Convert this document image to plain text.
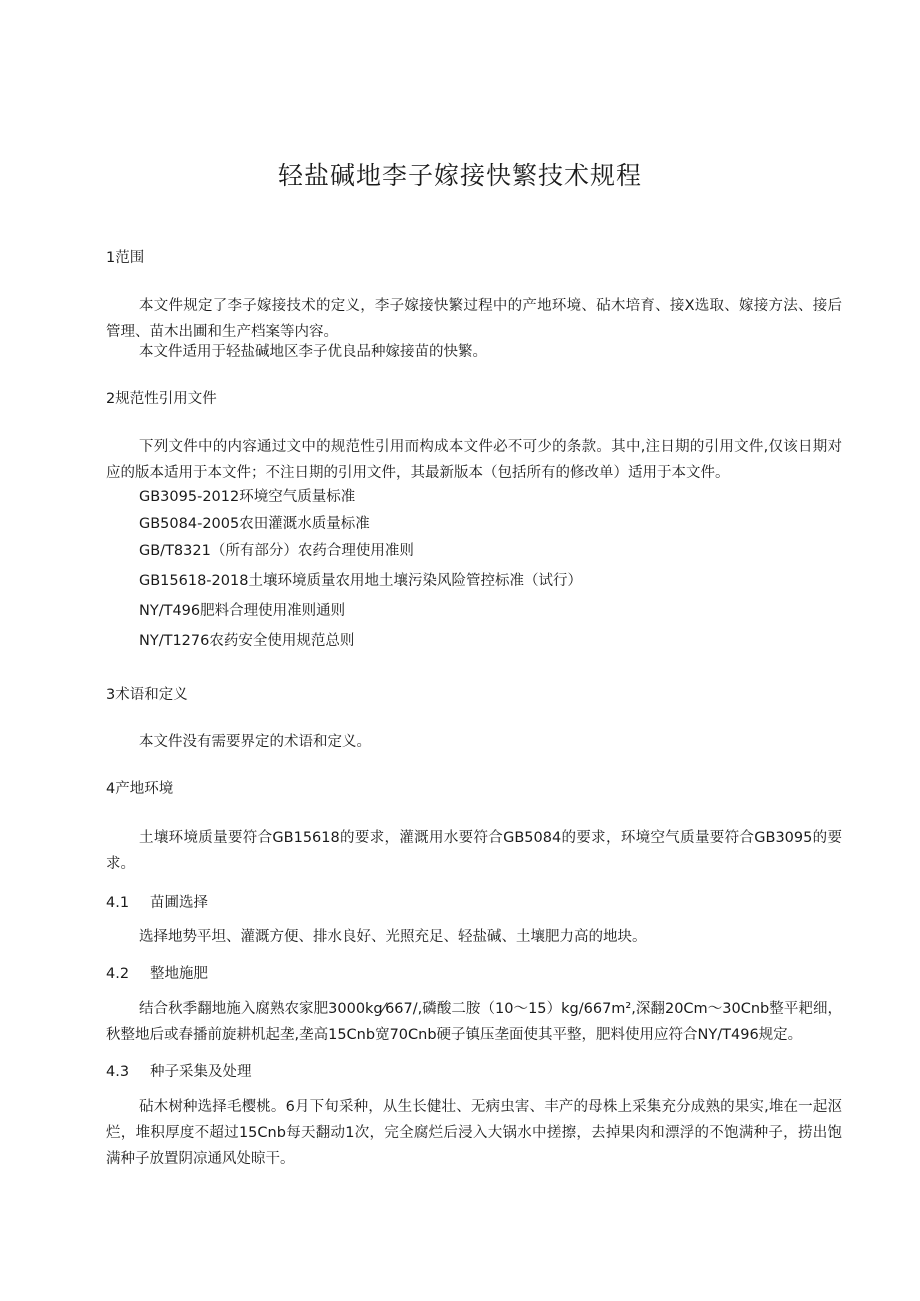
轻盐碱地李子嫁接快繁技术规程
1范围

本文件规定了李子嫁接技术的定义，李子嫁接快繁过程中的产地环境、砧木培育、接X选取、嫁接方法、接后管理、苗木出圃和生产档案等内容。

本文件适用于轻盐碱地区李子优良品种嫁接苗的快繁。

2规范性引用文件

下列文件中的内容通过文中的规范性引用而构成本文件必不可少的条款。其中,注日期的引用文件,仅该日期对应的版本适用于本文件；不注日期的引用文件，其最新版本（包括所有的修改单）适用于本文件。

GB3095-2012环境空气质量标准
GB5084-2005农田灌溉水质量标准
GB/T8321（所有部分）农药合理使用准则
GB15618-2018土壤环境质量农用地土壤污染风险管控标准（试行）
NY/T496肥料合理使用准则通则
NY/T1276农药安全使用规范总则
3术语和定义

本文件没有需要界定的术语和定义。

4产地环境

土壤环境质量要符合GB15618的要求，灌溉用水要符合GB5084的要求，环境空气质量要符合GB3095的要求。

4.1 苗圃选择

选择地势平坦、灌溉方便、排水良好、光照充足、轻盐碱、土壤肥力高的地块。

4.2 整地施肥

结合秋季翻地施入腐熟农家肥3000kg⁄667∕,磷酸二胺（10～15）kg/667m²,深翻20Cm～30Cnb整平耙细，秋整地后或春播前旋耕机起垄,垄高15Cnb宽70Cnb硬子镇压垄面使其平整，肥料使用应符合NY/T496规定。

4.3 种子采集及处理

砧木树种选择毛樱桃。6月下旬采种，从生长健壮、无病虫害、丰产的母株上采集充分成熟的果实,堆在一起沤烂，堆积厚度不超过15Cnb每天翻动1次，完全腐烂后浸入大锅水中搓擦，去掉果肉和漂浮的不饱满种子，捞出饱满种子放置阴凉通风处晾干。
